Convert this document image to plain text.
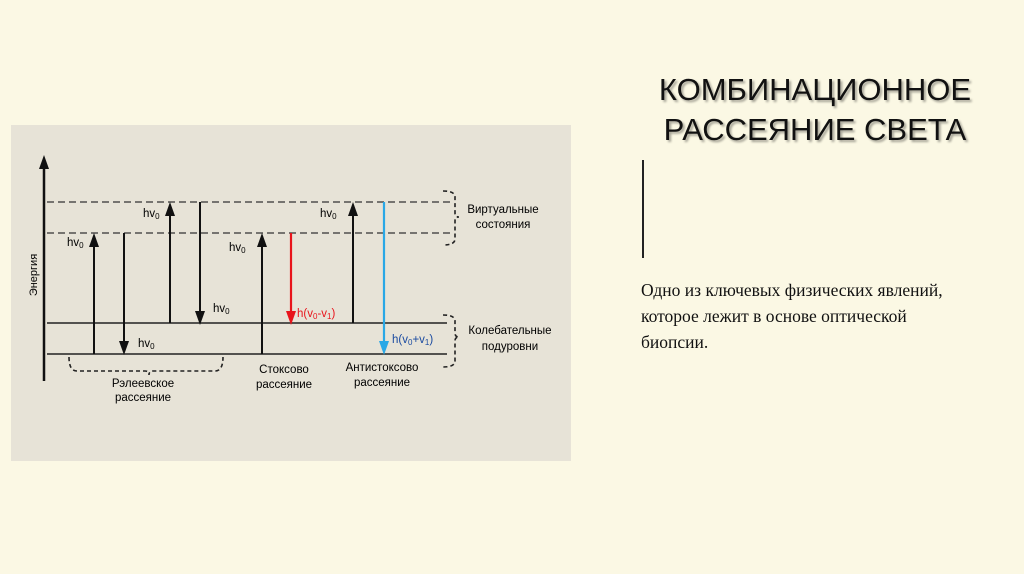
Энергия
Виртуальные
состояния
Колебательные
подуровни
Рэлеевское
рассеяние
Стоксово
рассеяние
Антистоксово
рассеяние
hv0
hv0
hv0
hv0
hv0
h(v0-v1)
hv0
h(v0+v1)
КОМБИНАЦИОННОЕ
РАССЕЯНИЕ СВЕТА
Одно из ключевых физических явлений,
которое лежит в основе оптической
биопсии.
